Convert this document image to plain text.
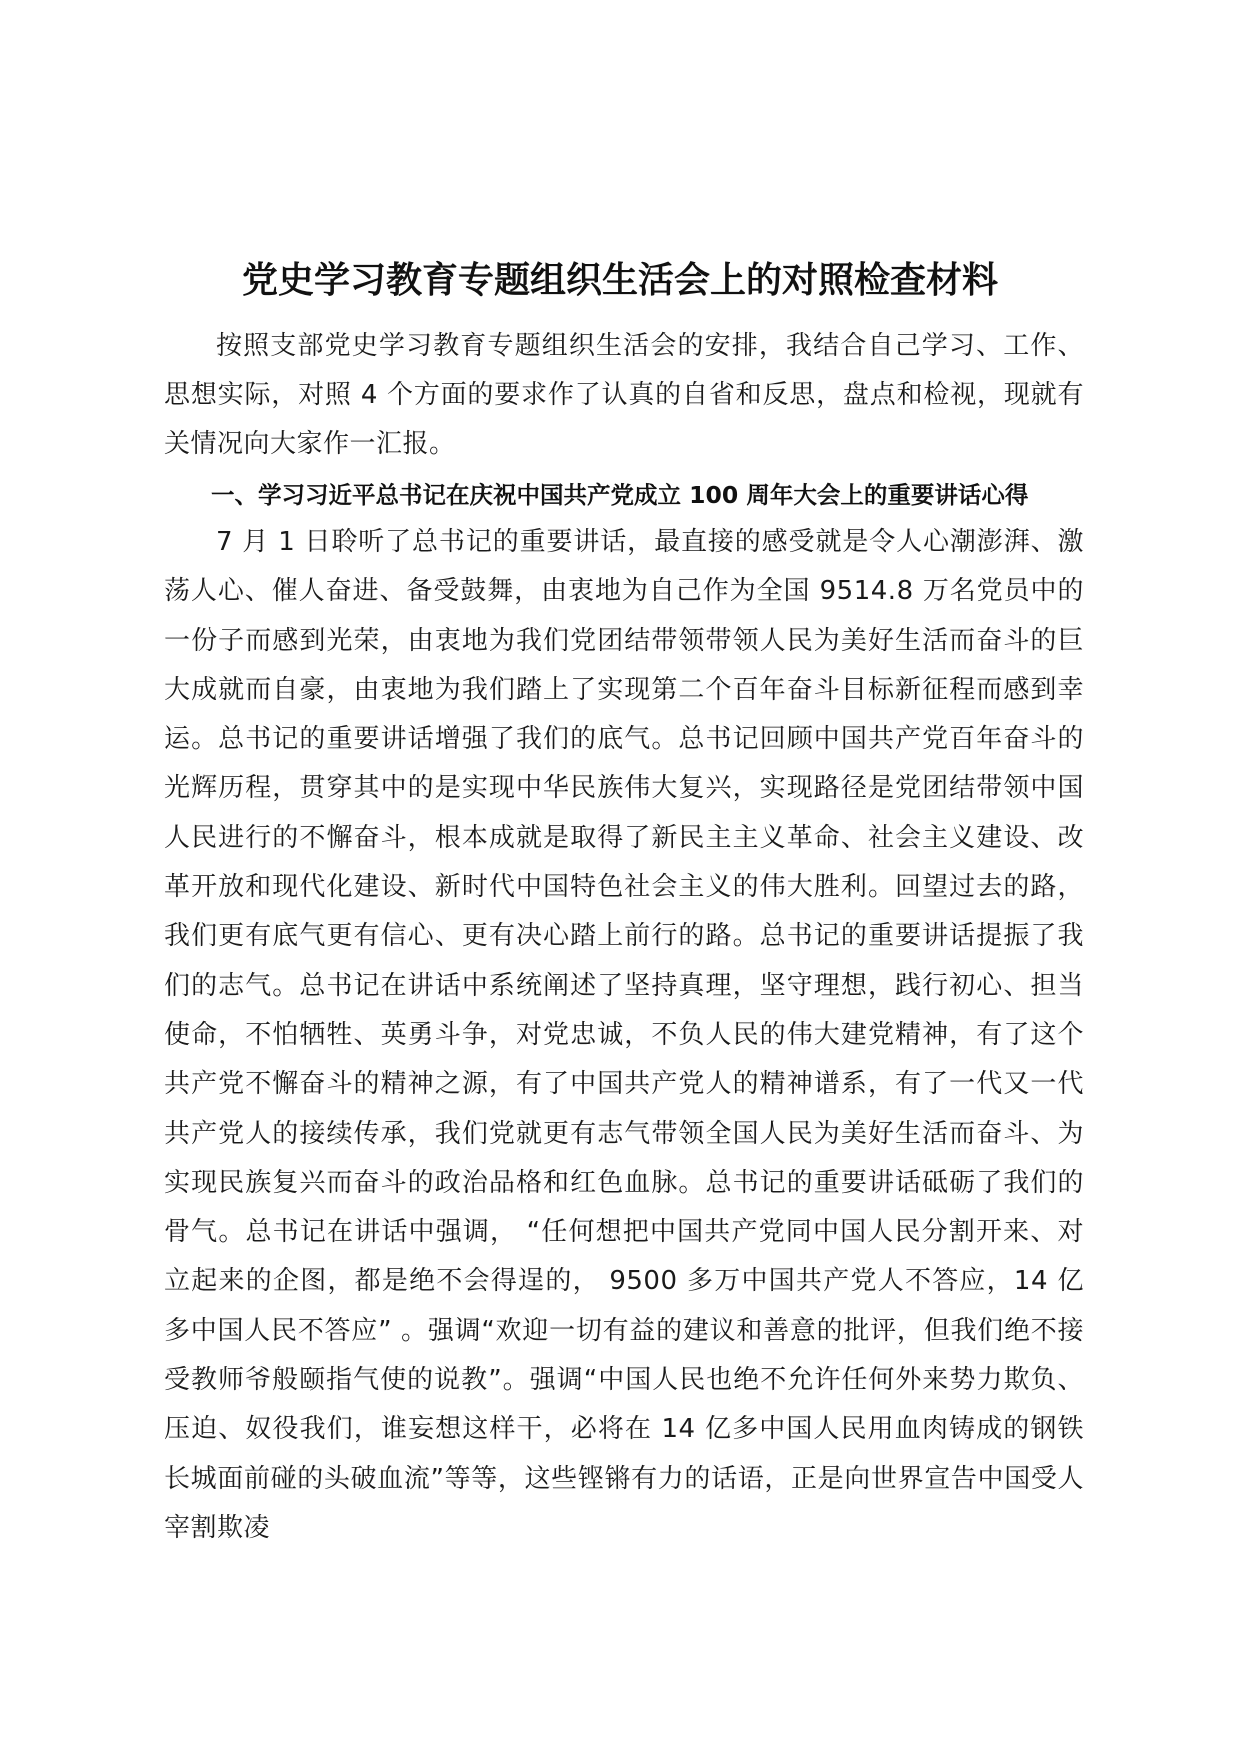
党史学习教育专题组织生活会上的对照检查材料

按照支部党史学习教育专题组织生活会的安排，我结合自己学习、工作、思想实际，对照 4 个方面的要求作了认真的自省和反思，盘点和检视，现就有关情况向大家作一汇报。

一、学习习近平总书记在庆祝中国共产党成立 100 周年大会上的重要讲话心得

7 月 1 日聆听了总书记的重要讲话，最直接的感受就是令人心潮澎湃、激荡人心、催人奋进、备受鼓舞，由衷地为自己作为全国 9514.8 万名党员中的一份子而感到光荣，由衷地为我们党团结带领带领人民为美好生活而奋斗的巨大成就而自豪，由衷地为我们踏上了实现第二个百年奋斗目标新征程而感到幸运。总书记的重要讲话增强了我们的底气。总书记回顾中国共产党百年奋斗的光辉历程，贯穿其中的是实现中华民族伟大复兴，实现路径是党团结带领中国人民进行的不懈奋斗，根本成就是取得了新民主主义革命、社会主义建设、改革开放和现代化建设、新时代中国特色社会主义的伟大胜利。回望过去的路，我们更有底气更有信心、更有决心踏上前行的路。总书记的重要讲话提振了我们的志气。总书记在讲话中系统阐述了坚持真理，坚守理想，践行初心、担当使命，不怕牺牲、英勇斗争，对党忠诚，不负人民的伟大建党精神，有了这个共产党不懈奋斗的精神之源，有了中国共产党人的精神谱系，有了一代又一代共产党人的接续传承，我们党就更有志气带领全国人民为美好生活而奋斗、为实现民族复兴而奋斗的政治品格和红色血脉。总书记的重要讲话砥砺了我们的骨气。总书记在讲话中强调， “任何想把中国共产党同中国人民分割开来、对立起来的企图，都是绝不会得逞的， 9500 多万中国共产党人不答应，14 亿多中国人民不答应” 。强调“欢迎一切有益的建议和善意的批评，但我们绝不接受教师爷般颐指气使的说教”。强调“中国人民也绝不允许任何外来势力欺负、压迫、奴役我们，谁妄想这样干，必将在 14 亿多中国人民用血肉铸成的钢铁长城面前碰的头破血流”等等，这些铿锵有力的话语，正是向世界宣告中国受人宰割欺凌
